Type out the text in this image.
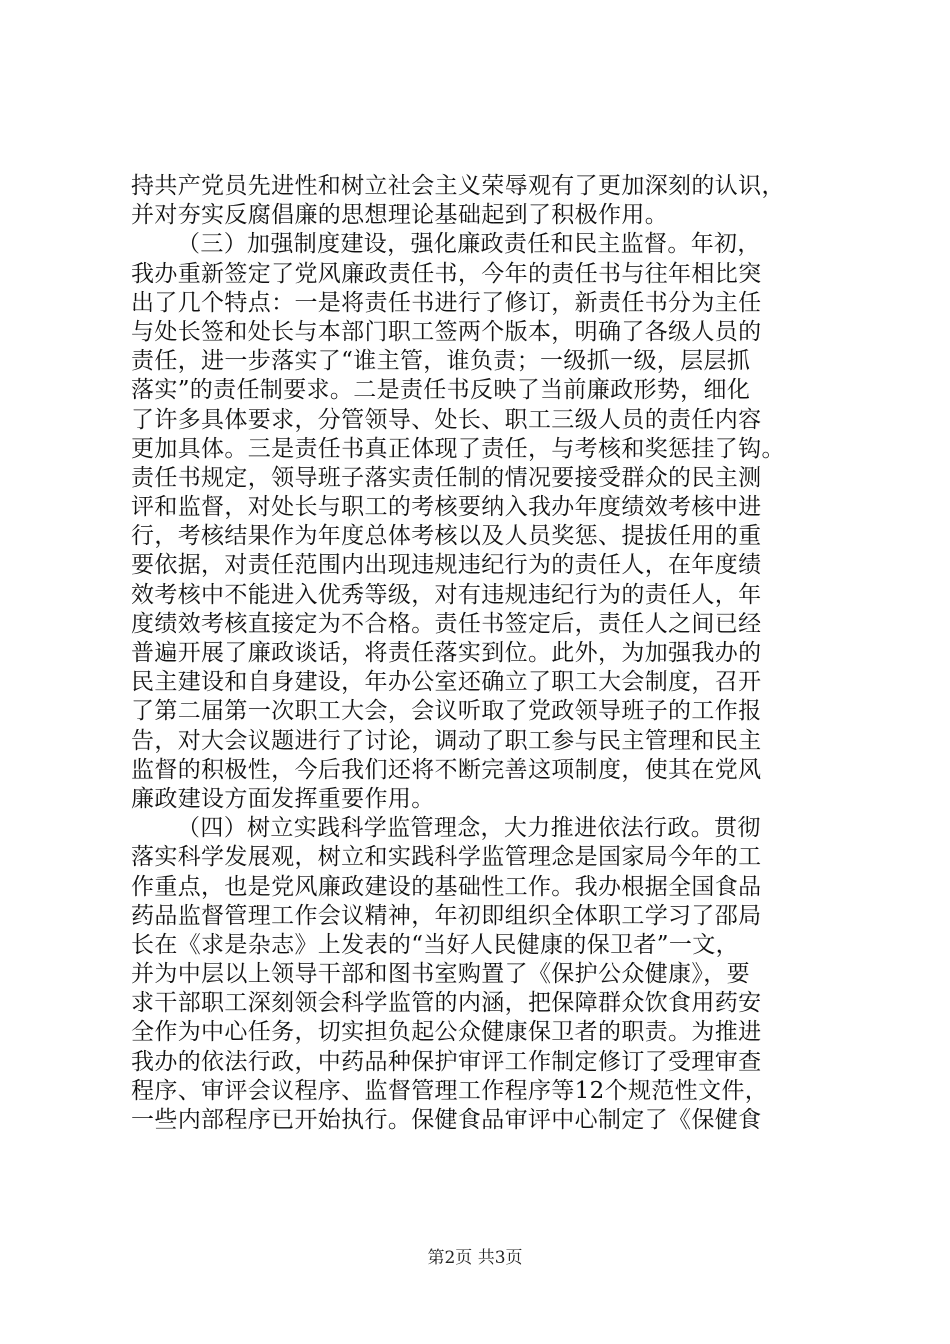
持共产党员先进性和树立社会主义荣辱观有了更加深刻的认识，
并对夯实反腐倡廉的思想理论基础起到了积极作用。
（三）加强制度建设，强化廉政责任和民主监督。年初，
我办重新签定了党风廉政责任书，今年的责任书与往年相比突
出了几个特点：一是将责任书进行了修订，新责任书分为主任
与处长签和处长与本部门职工签两个版本，明确了各级人员的
责任，进一步落实了“谁主管，谁负责；一级抓一级，层层抓
落实”的责任制要求。二是责任书反映了当前廉政形势，细化
了许多具体要求，分管领导、处长、职工三级人员的责任内容
更加具体。三是责任书真正体现了责任，与考核和奖惩挂了钩。
责任书规定，领导班子落实责任制的情况要接受群众的民主测
评和监督，对处长与职工的考核要纳入我办年度绩效考核中进
行，考核结果作为年度总体考核以及人员奖惩、提拔任用的重
要依据，对责任范围内出现违规违纪行为的责任人，在年度绩
效考核中不能进入优秀等级，对有违规违纪行为的责任人，年
度绩效考核直接定为不合格。责任书签定后，责任人之间已经
普遍开展了廉政谈话，将责任落实到位。此外，为加强我办的
民主建设和自身建设，年办公室还确立了职工大会制度，召开
了第二届第一次职工大会，会议听取了党政领导班子的工作报
告，对大会议题进行了讨论，调动了职工参与民主管理和民主
监督的积极性，今后我们还将不断完善这项制度，使其在党风
廉政建设方面发挥重要作用。
（四）树立实践科学监管理念，大力推进依法行政。贯彻
落实科学发展观，树立和实践科学监管理念是国家局今年的工
作重点，也是党风廉政建设的基础性工作。我办根据全国食品
药品监督管理工作会议精神，年初即组织全体职工学习了邵局
长在《求是杂志》上发表的“当好人民健康的保卫者”一文，
并为中层以上领导干部和图书室购置了《保护公众健康》，要
求干部职工深刻领会科学监管的内涵，把保障群众饮食用药安
全作为中心任务，切实担负起公众健康保卫者的职责。为推进
我办的依法行政，中药品种保护审评工作制定修订了受理审查
程序、审评会议程序、监督管理工作程序等12个规范性文件，
一些内部程序已开始执行。保健食品审评中心制定了《保健食
第2页 共3页
